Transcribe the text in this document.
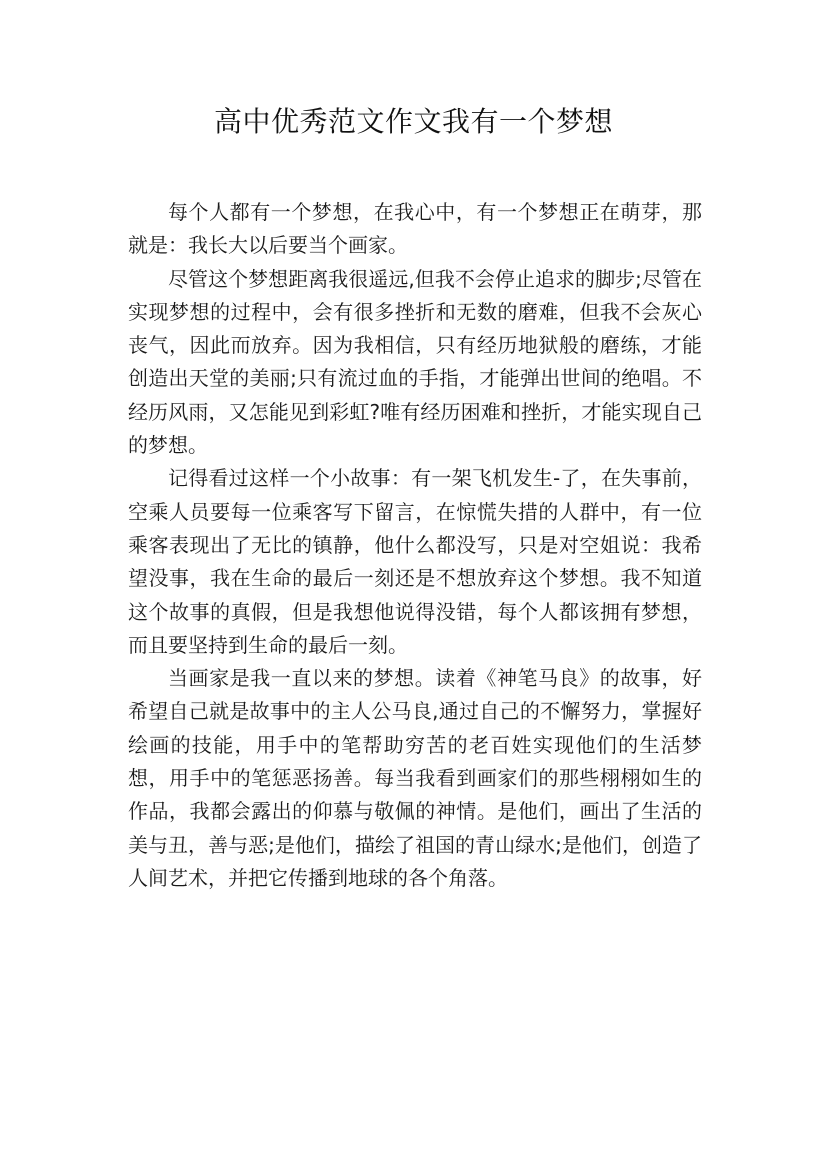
高中优秀范文作文我有一个梦想

每个人都有一个梦想，在我心中，有一个梦想正在萌芽，那就是：我长大以后要当个画家。

尽管这个梦想距离我很遥远,但我不会停止追求的脚步;尽管在实现梦想的过程中，会有很多挫折和无数的磨难，但我不会灰心丧气，因此而放弃。因为我相信，只有经历地狱般的磨练，才能创造出天堂的美丽;只有流过血的手指，才能弹出世间的绝唱。不经历风雨，又怎能见到彩虹?唯有经历困难和挫折，才能实现自己的梦想。

记得看过这样一个小故事：有一架飞机发生-了，在失事前，空乘人员要每一位乘客写下留言，在惊慌失措的人群中，有一位乘客表现出了无比的镇静，他什么都没写，只是对空姐说：我希望没事，我在生命的最后一刻还是不想放弃这个梦想。我不知道这个故事的真假，但是我想他说得没错，每个人都该拥有梦想，而且要坚持到生命的最后一刻。

当画家是我一直以来的梦想。读着《神笔马良》的故事，好希望自己就是故事中的主人公马良,通过自己的不懈努力，掌握好绘画的技能，用手中的笔帮助穷苦的老百姓实现他们的生活梦想，用手中的笔惩恶扬善。每当我看到画家们的那些栩栩如生的作品，我都会露出的仰慕与敬佩的神情。是他们，画出了生活的美与丑，善与恶;是他们，描绘了祖国的青山绿水;是他们，创造了人间艺术，并把它传播到地球的各个角落。
